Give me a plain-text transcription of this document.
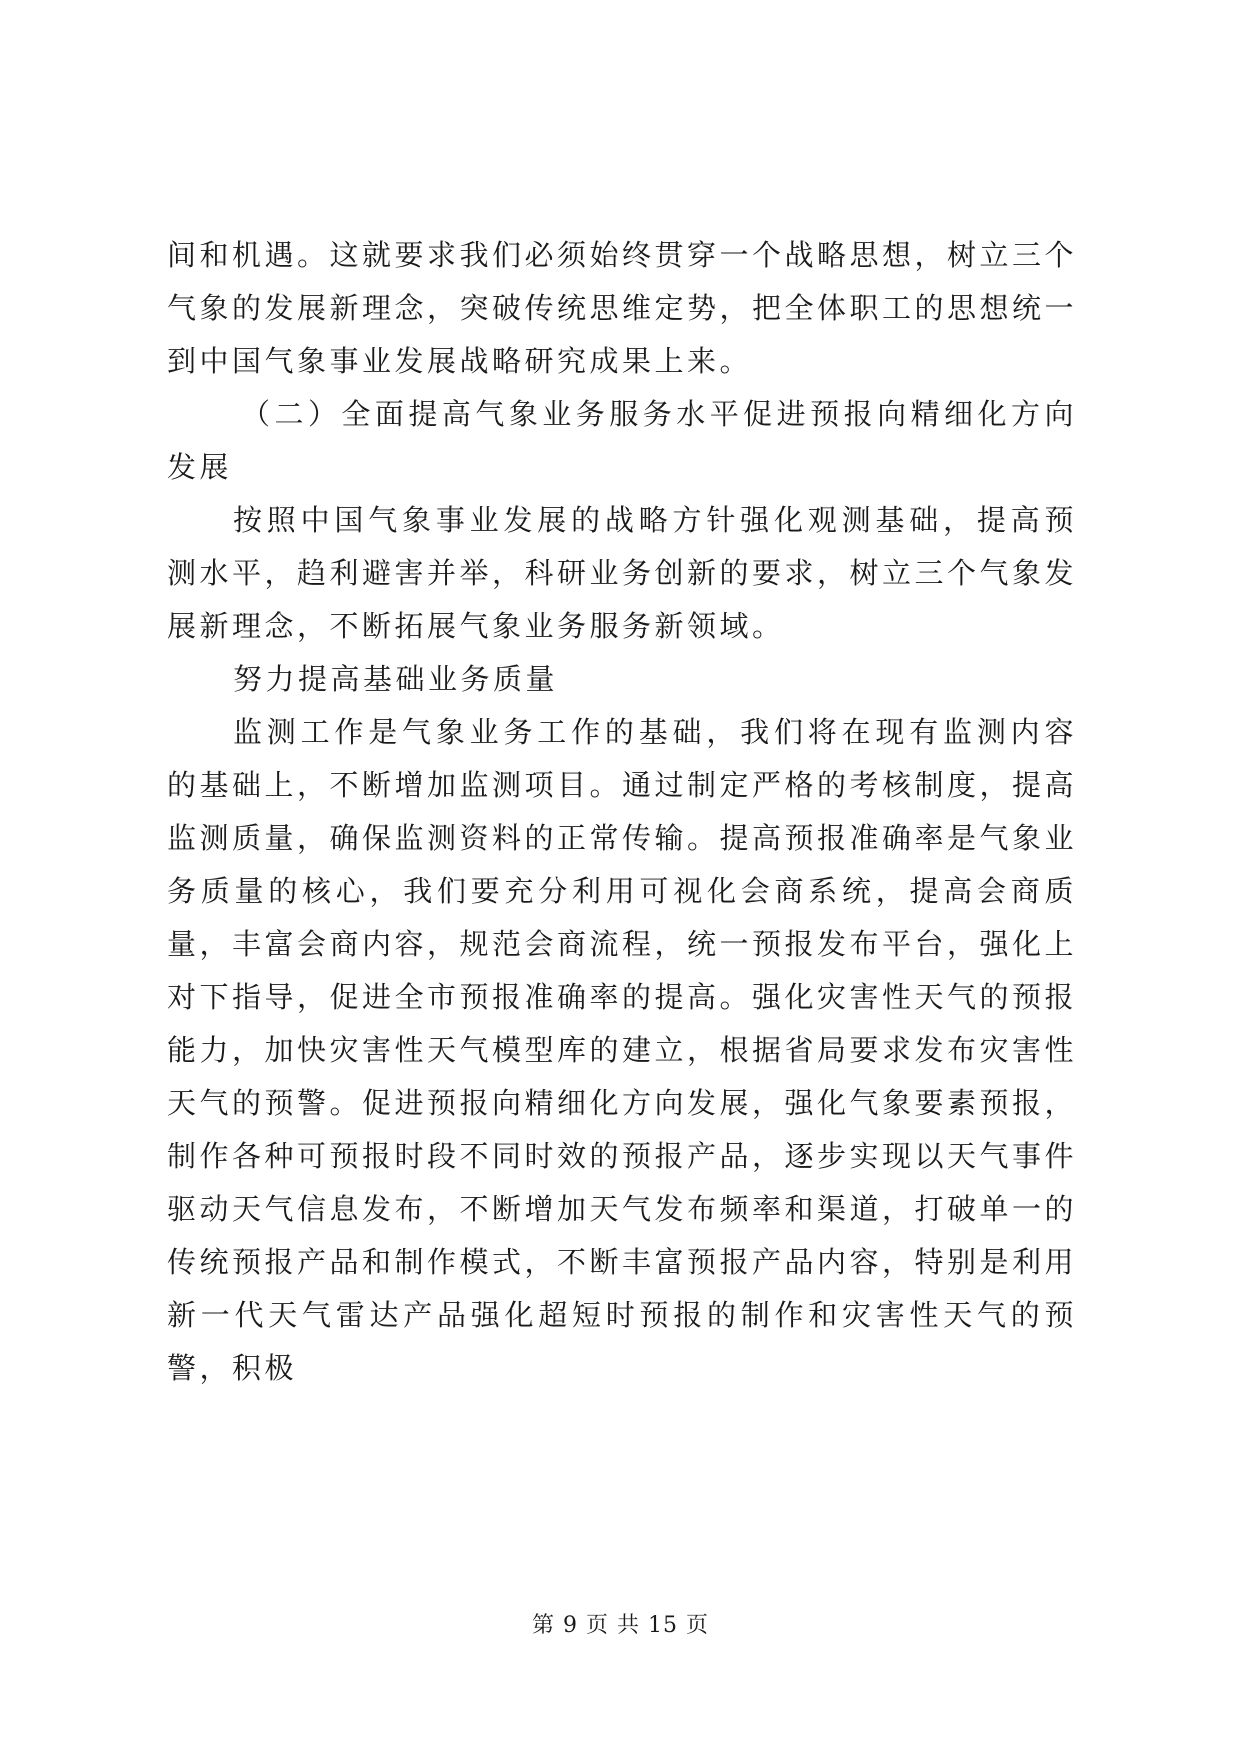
间和机遇。这就要求我们必须始终贯穿一个战略思想，树立三个气象的发展新理念，突破传统思维定势，把全体职工的思想统一到中国气象事业发展战略研究成果上来。

（二）全面提高气象业务服务水平促进预报向精细化方向发展

按照中国气象事业发展的战略方针强化观测基础，提高预测水平，趋利避害并举，科研业务创新的要求，树立三个气象发展新理念，不断拓展气象业务服务新领域。

努力提高基础业务质量

监测工作是气象业务工作的基础，我们将在现有监测内容的基础上，不断增加监测项目。通过制定严格的考核制度，提高监测质量，确保监测资料的正常传输。提高预报准确率是气象业务质量的核心，我们要充分利用可视化会商系统，提高会商质量，丰富会商内容，规范会商流程，统一预报发布平台，强化上对下指导，促进全市预报准确率的提高。强化灾害性天气的预报能力，加快灾害性天气模型库的建立，根据省局要求发布灾害性天气的预警。促进预报向精细化方向发展，强化气象要素预报，制作各种可预报时段不同时效的预报产品，逐步实现以天气事件驱动天气信息发布，不断增加天气发布频率和渠道，打破单一的传统预报产品和制作模式，不断丰富预报产品内容，特别是利用新一代天气雷达产品强化超短时预报的制作和灾害性天气的预警，积极

第 9 页 共 15 页
